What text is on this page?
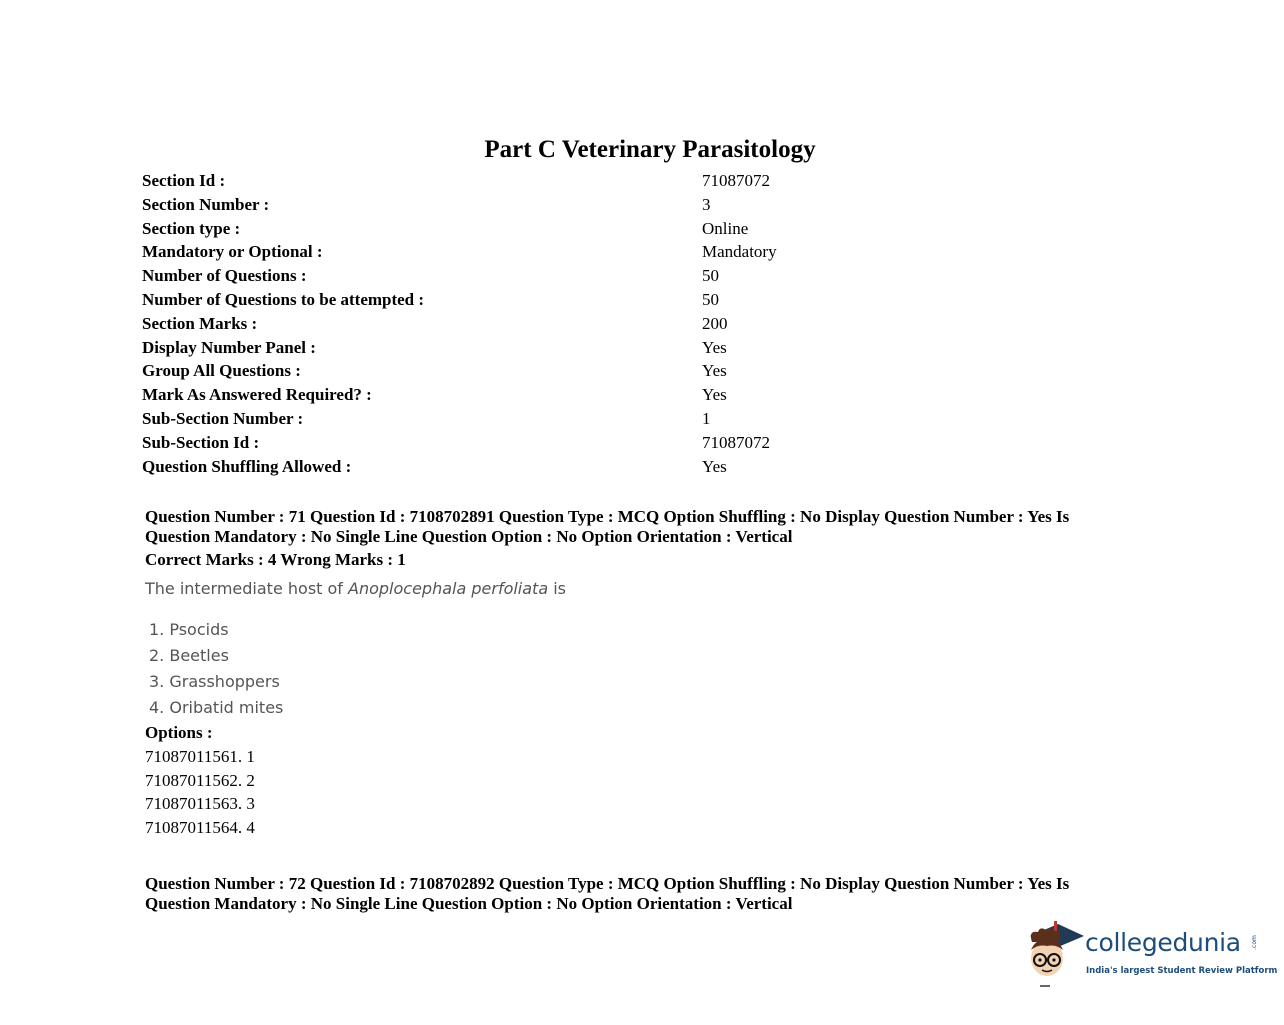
Part C Veterinary Parasitology
Section Id :	71087072
Section Number :	3
Section type :	Online
Mandatory or Optional :	Mandatory
Number of Questions :	50
Number of Questions to be attempted :	50
Section Marks :	200
Display Number Panel :	Yes
Group All Questions :	Yes
Mark As Answered Required? :	Yes
Sub-Section Number :	1
Sub-Section Id :	71087072
Question Shuffling Allowed :	Yes
Question Number : 71 Question Id : 7108702891 Question Type : MCQ Option Shuffling : No Display Question Number : Yes Is
Question Mandatory : No Single Line Question Option : No Option Orientation : Vertical
Correct Marks : 4 Wrong Marks : 1
The intermediate host of Anoplocephala perfoliata is
1. Psocids
2. Beetles
3. Grasshoppers
4. Oribatid mites
Options :
71087011561. 1
71087011562. 2
71087011563. 3
71087011564. 4
Question Number : 72 Question Id : 7108702892 Question Type : MCQ Option Shuffling : No Display Question Number : Yes Is
Question Mandatory : No Single Line Question Option : No Option Orientation : Vertical
collegedunia .com
India's largest Student Review Platform
